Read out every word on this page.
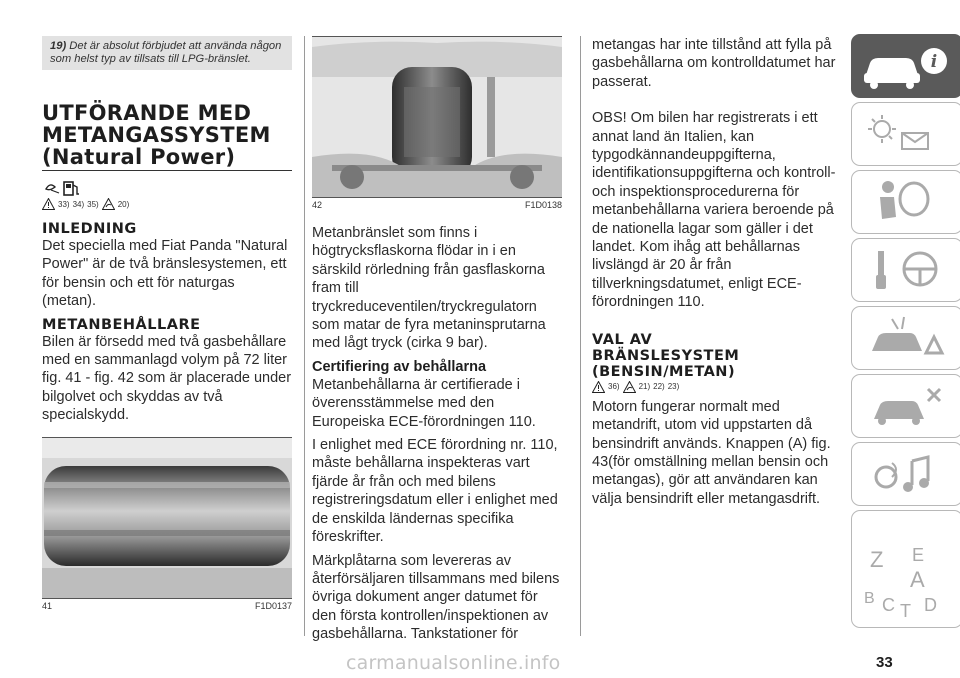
19) Det är absolut förbjudet att använda någon som helst typ av tillsats till LPG-bränslet.
UTFÖRANDE MED
METANGASSYSTEM
(Natural Power)
33) 34) 35) 20)
INLEDNING

Det speciella med Fiat Panda "Natural Power" är de två bränslesystemen, ett för bensin och ett för naturgas (metan).

METANBEHÅLLARE

Bilen är försedd med två gasbehållare med en sammanlagd volym på 72 liter fig. 41 - fig. 42 som är placerade under bilgolvet och skyddas av två specialskydd.

41	F1D0137
42	F1D0138

Metanbränslet som finns i högtrycksflaskorna flödar in i en särskild rörledning från gasflaskorna fram till tryckreduceventilen/tryckregulatorn som matar de fyra metaninsprutarna med lågt tryck (cirka 9 bar).

Certifiering av behållarna

Metanbehållarna är certifierade i överensstämmelse med den Europeiska ECE-förordningen 110.

I enlighet med ECE förordning nr. 110, måste behållarna inspekteras vart fjärde år från och med bilens registreringsdatum eller i enlighet med de enskilda ländernas specifika föreskrifter.

Märkplåtarna som levereras av återförsäljaren tillsammans med bilens övriga dokument anger datumet för den första kontrollen/inspektionen av gasbehållarna. Tankstationer för

metangas har inte tillstånd att fylla på gasbehållarna om kontrolldatumet har passerat.

OBS! Om bilen har registrerats i ett annat land än Italien, kan typgodkännandeuppgifterna, identifikationsuppgifterna och kontroll- och inspektionsprocedurerna för metanbehållarna variera beroende på de nationella lagar som gäller i det landet. Kom ihåg att behållarnas livslängd är 20 år från tillverkningsdatumet, enligt ECE-förordningen 110.

VAL AV
BRÄNSLESYSTEM
(BENSIN/METAN)
36) 21) 22) 23)

Motorn fungerar normalt med metandrift, utom vid uppstarten då bensindrift används. Knappen (A) fig. 43(för omställning mellan bensin och metangas), gör att användaren kan välja bensindrift eller metangasdrift.

i
Z E
A
B C T D
33
carmanualsonline.info
